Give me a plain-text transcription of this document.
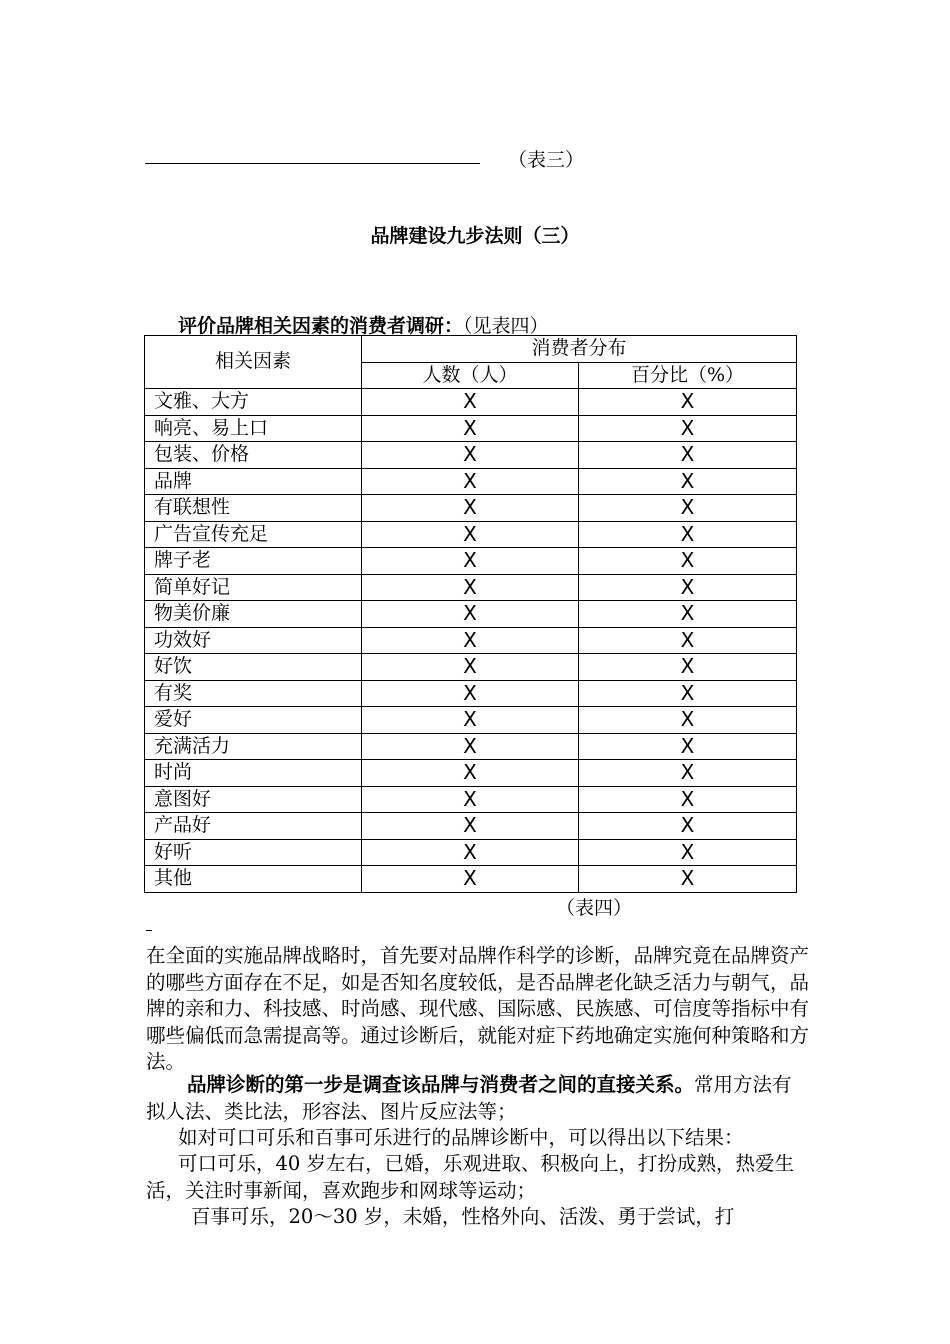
（表三）
品牌建设九步法则（三）
评价品牌相关因素的消费者调研：（见表四）
相关因素	消费者分布	
	人数（人）	百分比（%）
文雅、大方	X	X
响亮、易上口	X	X
包装、价格	X	X
品牌	X	X
有联想性	X	X
广告宣传充足	X	X
牌子老	X	X
简单好记	X	X
物美价廉	X	X
功效好	X	X
好饮	X	X
有奖	X	X
爱好	X	X
充满活力	X	X
时尚	X	X
意图好	X	X
产品好	X	X
好听	X	X
其他	X	X
（表四）
在全面的实施品牌战略时，首先要对品牌作科学的诊断，品牌究竟在品牌资产的哪些方面存在不足，如是否知名度较低，是否品牌老化缺乏活力与朝气，品牌的亲和力、科技感、时尚感、现代感、国际感、民族感、可信度等指标中有哪些偏低而急需提高等。通过诊断后，就能对症下药地确定实施何种策略和方法。
品牌诊断的第一步是调查该品牌与消费者之间的直接关系。常用方法有拟人法、类比法，形容法、图片反应法等；
如对可口可乐和百事可乐进行的品牌诊断中，可以得出以下结果：
可口可乐，40 岁左右，已婚，乐观进取、积极向上，打扮成熟，热爱生活，关注时事新闻，喜欢跑步和网球等运动；
百事可乐，20～30 岁，未婚，性格外向、活泼、勇于尝试，打
